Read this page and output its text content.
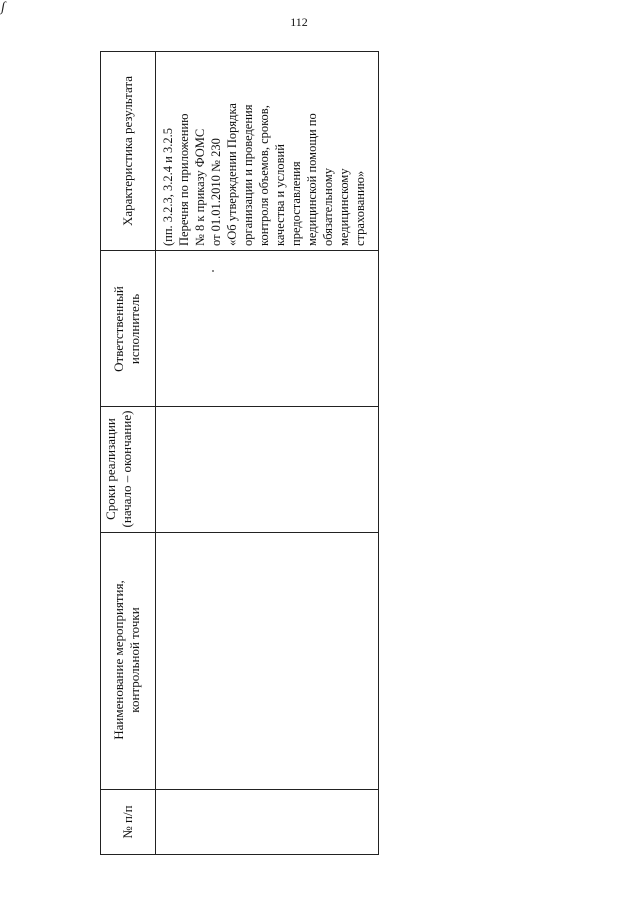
∫
112
Характеристика результата
Ответственный исполнитель
Сроки реализации (начало – окончание)
Наименование мероприятия, контрольной точки
№ п/п
(пп. 3.2.3, 3.2.4 и 3.2.5 Перечня по приложению № 8 к приказу ФОМС от 01.01.2010 № 230 «Об утверждении Порядка организации и проведения контроля объемов, сроков, качества и условий предоставления медицинской помощи по обязательному медицинскому страхованию»
